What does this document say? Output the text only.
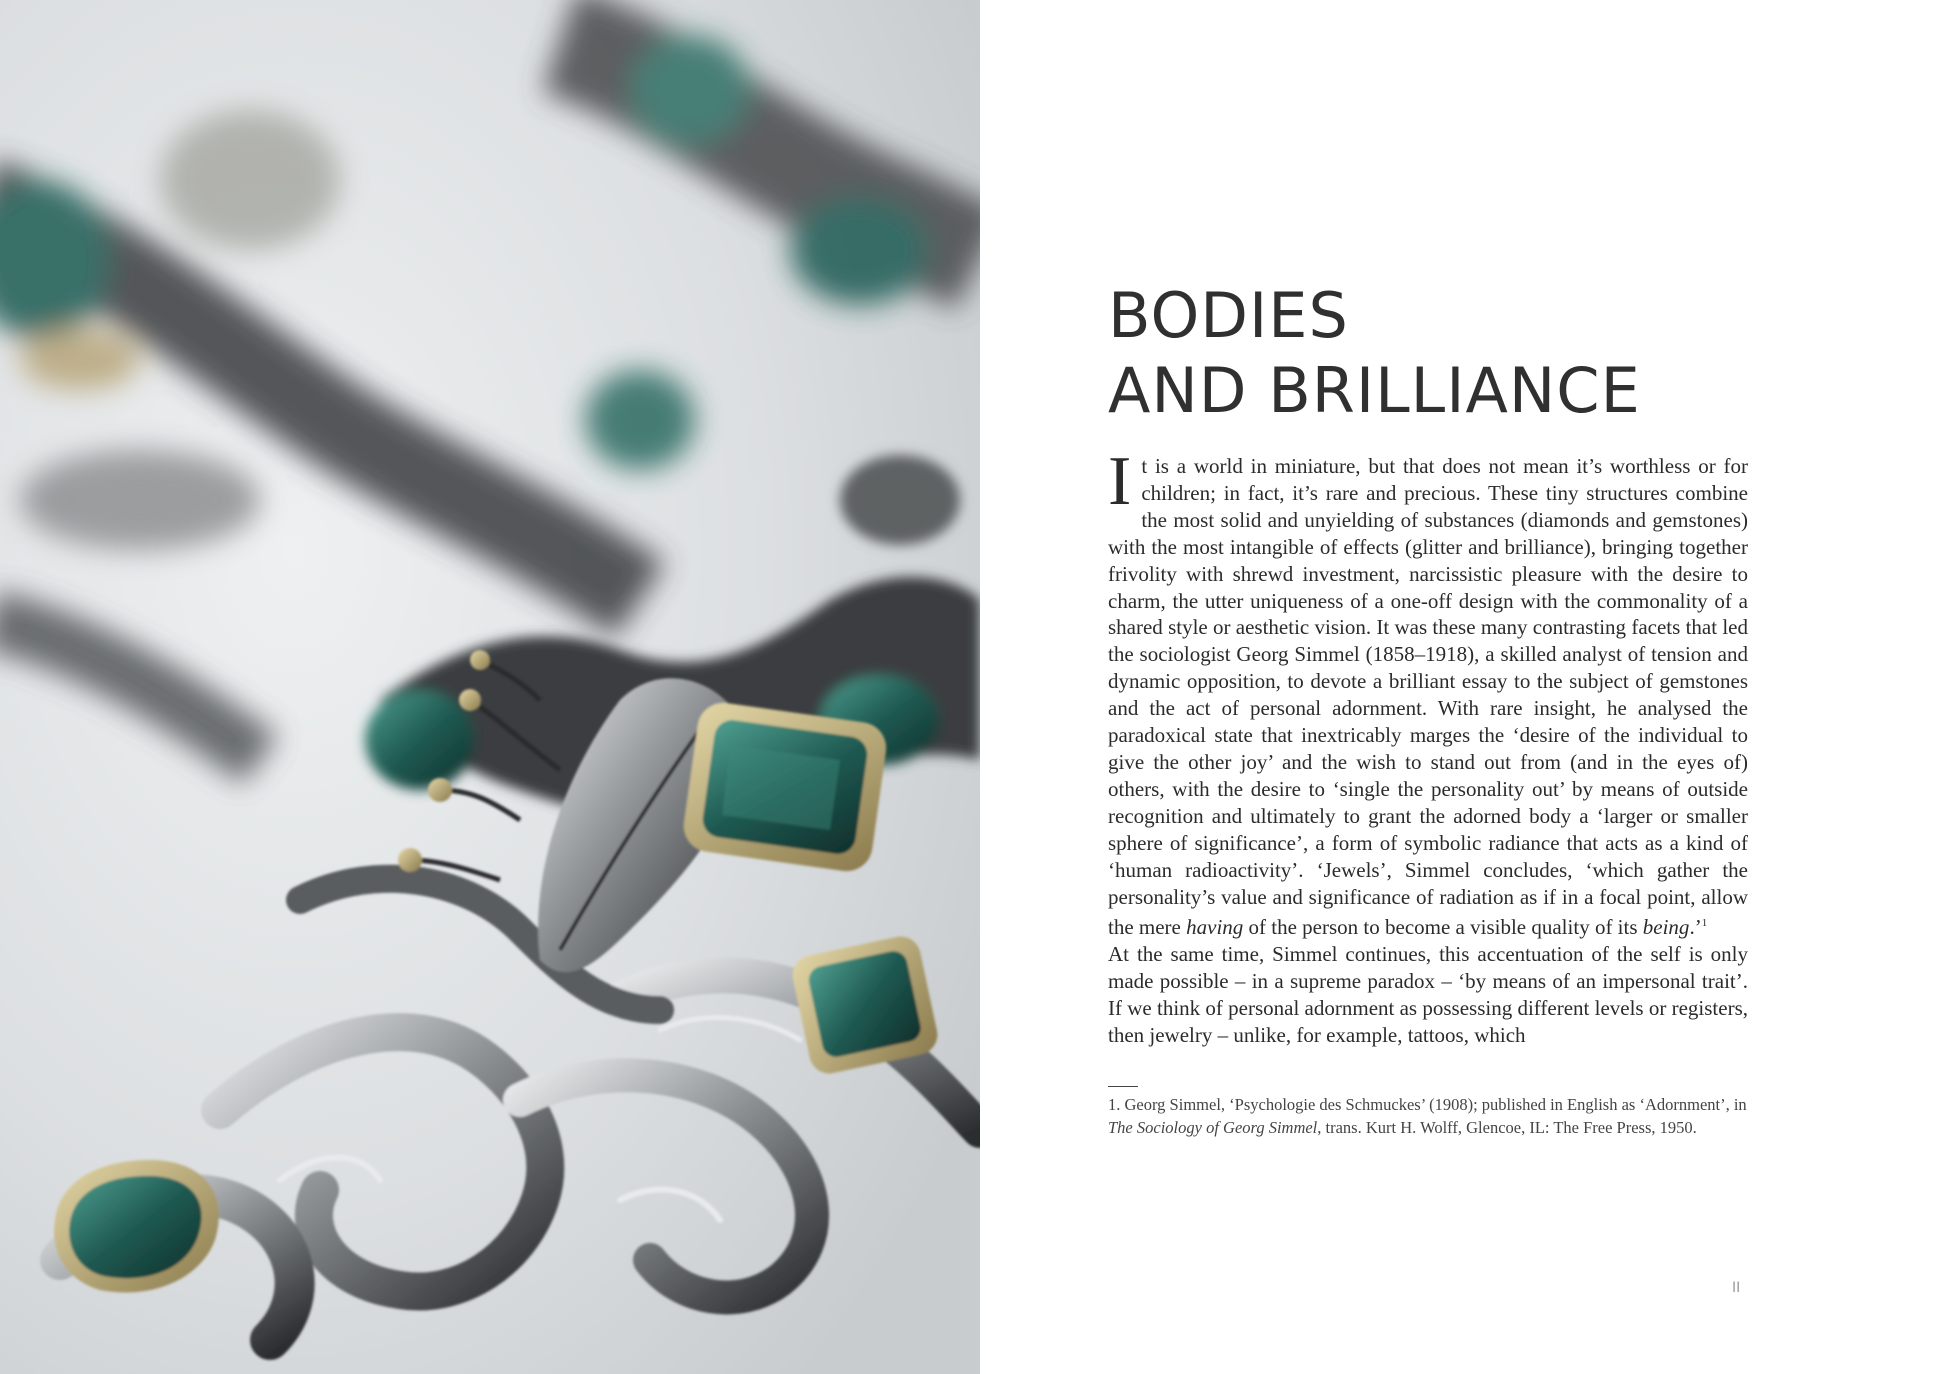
BODIES
AND BRILLIANCE

It is a world in miniature, but that does not mean it’s worthless or for children; in fact, it’s rare and precious. These tiny structures combine the most solid and unyielding of substances (diamonds and gemstones) with the most intangible of effects (glitter and brilliance), bringing together frivolity with shrewd investment, narcissistic pleasure with the desire to charm, the utter uniqueness of a one-off design with the commonality of a shared style or aesthetic vision. It was these many contrasting facets that led the sociologist Georg Simmel (1858–1918), a skilled analyst of tension and dynamic opposition, to devote a brilliant essay to the subject of gemstones and the act of personal adornment. With rare insight, he analysed the paradoxical state that inextricably marges the ‘desire of the individual to give the other joy’ and the wish to stand out from (and in the eyes of) others, with the desire to ‘single the personality out’ by means of outside recognition and ultimately to grant the adorned body a ‘larger or smaller sphere of significance’, a form of symbolic radiance that acts as a kind of ‘human radioactivity’. ‘Jewels’, Simmel concludes, ‘which gather the personality’s value and significance of radiation as if in a focal point, allow the mere having of the person to become a visible quality of its being.’$^1$

At the same time, Simmel continues, this accentuation of the self is only made possible – in a supreme paradox – ‘by means of an impersonal trait’. If we think of personal adornment as possessing different levels or registers, then jewelry – unlike, for example, tattoos, which

1. Georg Simmel, ‘Psychologie des Schmuckes’ (1908); published in English as ‘Adornment’, in The Sociology of Georg Simmel, trans. Kurt H. Wolff, Glencoe, IL: The Free Press, 1950.

II
